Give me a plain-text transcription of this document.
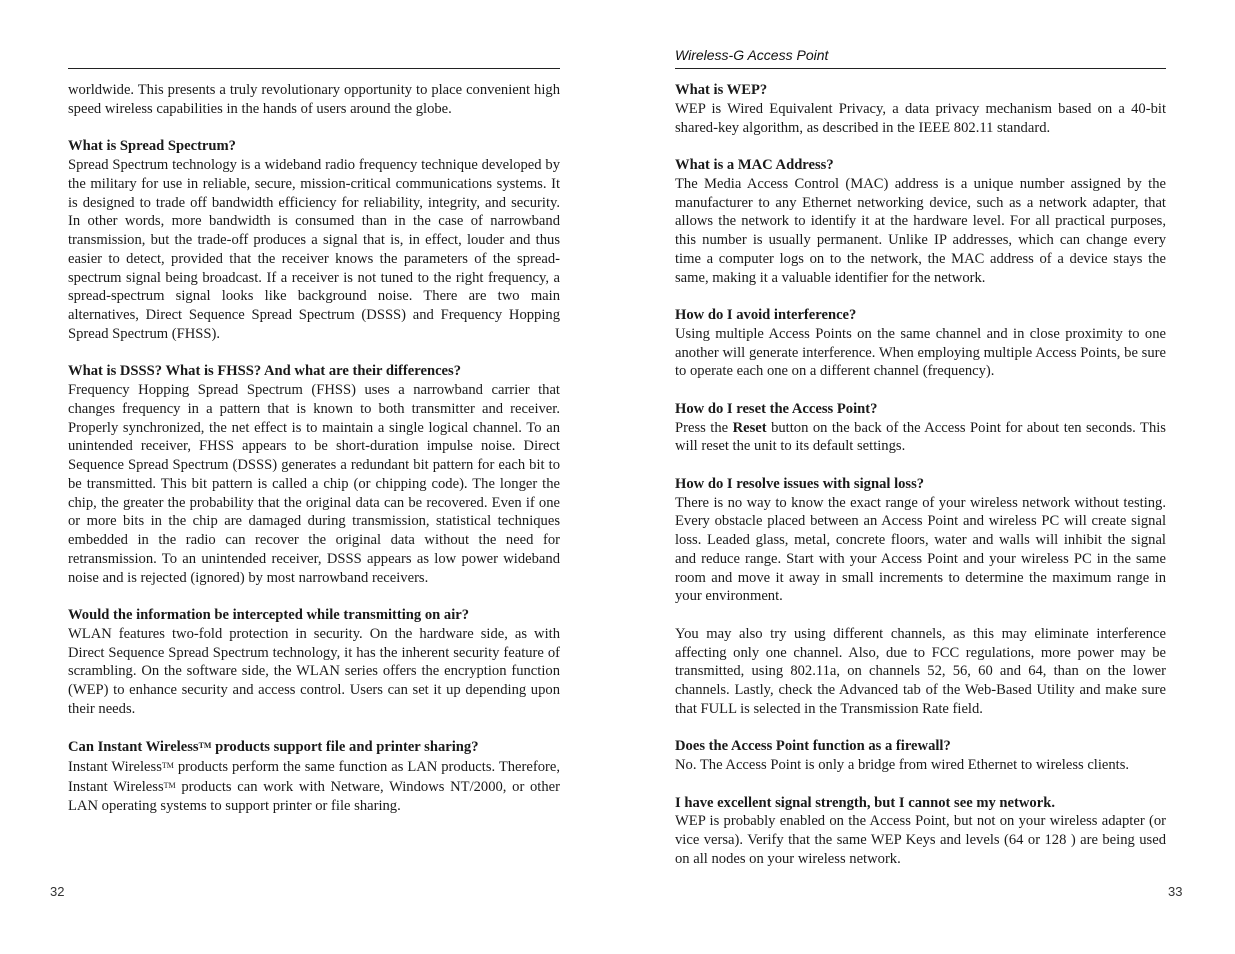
worldwide. This presents a truly revolutionary opportunity to place convenient high speed wireless capabilities in the hands of users around the globe.

What is Spread Spectrum?
Spread Spectrum technology is a wideband radio frequency technique developed by the military for use in reliable, secure, mission-critical communications systems. It is designed to trade off bandwidth efficiency for reliability, integrity, and security. In other words, more bandwidth is consumed than in the case of narrowband transmission, but the trade-off produces a signal that is, in effect, louder and thus easier to detect, provided that the receiver knows the parameters of the spread-spectrum signal being broadcast. If a receiver is not tuned to the right frequency, a spread-spectrum signal looks like background noise. There are two main alternatives, Direct Sequence Spread Spectrum (DSSS) and Frequency Hopping Spread Spectrum (FHSS).

What is DSSS? What is FHSS? And what are their differences?
Frequency Hopping Spread Spectrum (FHSS) uses a narrowband carrier that changes frequency in a pattern that is known to both transmitter and receiver. Properly synchronized, the net effect is to maintain a single logical channel. To an unintended receiver, FHSS appears to be short-duration impulse noise. Direct Sequence Spread Spectrum (DSSS) generates a redundant bit pattern for each bit to be transmitted. This bit pattern is called a chip (or chipping code). The longer the chip, the greater the probability that the original data can be recovered. Even if one or more bits in the chip are damaged during transmission, statistical techniques embedded in the radio can recover the original data without the need for retransmission. To an unintended receiver, DSSS appears as low power wideband noise and is rejected (ignored) by most narrowband receivers.

Would the information be intercepted while transmitting on air?
WLAN features two-fold protection in security. On the hardware side, as with Direct Sequence Spread Spectrum technology, it has the inherent security feature of scrambling. On the software side, the WLAN series offers the encryption function (WEP) to enhance security and access control. Users can set it up depending upon their needs.

Can Instant Wireless™ products support file and printer sharing?
Instant Wireless™ products perform the same function as LAN products. Therefore, Instant Wireless™ products can work with Netware, Windows NT/2000, or other LAN operating systems to support printer or file sharing.

32
Wireless-G Access Point

What is WEP?
WEP is Wired Equivalent Privacy, a data privacy mechanism based on a 40-bit shared-key algorithm, as described in the IEEE 802.11 standard.

What is a MAC Address?
The Media Access Control (MAC) address is a unique number assigned by the manufacturer to any Ethernet networking device, such as a network adapter, that allows the network to identify it at the hardware level. For all practical purposes, this number is usually permanent. Unlike IP addresses, which can change every time a computer logs on to the network, the MAC address of a device stays the same, making it a valuable identifier for the network.

How do I avoid interference?
Using multiple Access Points on the same channel and in close proximity to one another will generate interference. When employing multiple Access Points, be sure to operate each one on a different channel (frequency).

How do I reset the Access Point?
Press the Reset button on the back of the Access Point for about ten seconds. This will reset the unit to its default settings.

How do I resolve issues with signal loss?
There is no way to know the exact range of your wireless network without testing. Every obstacle placed between an Access Point and wireless PC will create signal loss. Leaded glass, metal, concrete floors, water and walls will inhibit the signal and reduce range. Start with your Access Point and your wireless PC in the same room and move it away in small increments to determine the maximum range in your environment.

You may also try using different channels, as this may eliminate interference affecting only one channel. Also, due to FCC regulations, more power may be transmitted, using 802.11a, on channels 52, 56, 60 and 64, than on the lower channels. Lastly, check the Advanced tab of the Web-Based Utility and make sure that FULL is selected in the Transmission Rate field.

Does the Access Point function as a firewall?
No. The Access Point is only a bridge from wired Ethernet to wireless clients.

I have excellent signal strength, but I cannot see my network.
WEP is probably enabled on the Access Point, but not on your wireless adapter (or vice versa). Verify that the same WEP Keys and levels (64 or 128 ) are being used on all nodes on your wireless network.

33
